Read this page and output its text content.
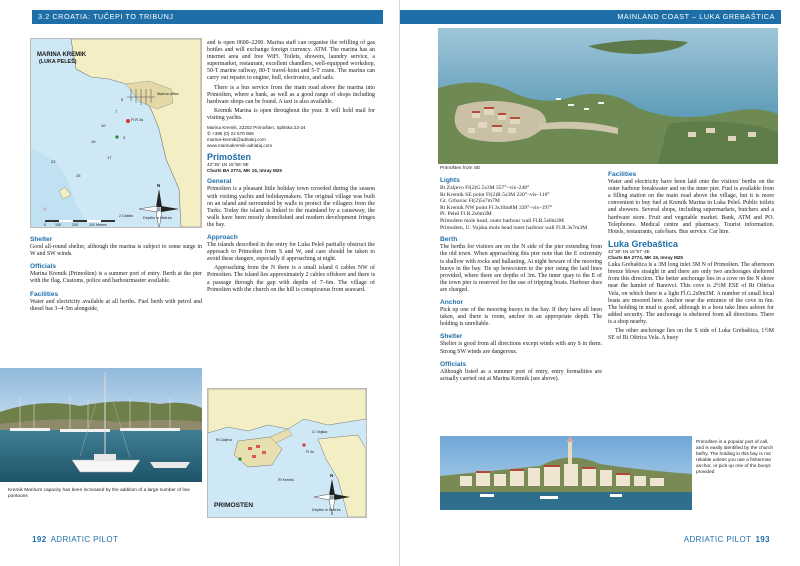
3.2 CROATIA: TUČEPI TO TRIBUNJ
MARINA KREMIK
(LUKA PELEŠ)
Marina office
FI.R.3s
25
23
17
3
15
10
7
5
N
Depths in Metres
2 Cables
0	100	200	300 Metres
Shelter

Good all-round shelter, although the marina is subject to some surge in W and SW winds.

Officials

Marina Kremik (Primošten) is a summer port of entry. Berth at the pier with the flag. Customs, police and harbourmaster available.

Facilities

Water and electricity available at all berths. Fuel berth with petrol and diesel has 3–4·5m alongside,

Kremik Marina's capacity has been increased by the addition of a large number of low pontoons

and is open 0600–2200. Marina staff can organise the refilling of gas bottles and will exchange foreign currency. ATM. The marina has an internet area and free WiFi. Toilets, showers, laundry service, a supermarket, restaurant, excellent chandlers, well-equipped workshop, 50-T marine railway, 80-T travel-hoist and 5-T crane. The marina can carry out repairs to engine, hull, electronics, and sails.

There is a bus service from the main road above the marina into Primošten, where a bank, as well as a good range of shops including hardware shops can be found. A taxi is also available.

Kremik Marina is open throughout the year. It will hold mail for visiting yachts.

Marina Kremik, 22202 Primošten, Splitska 22-24
✆ +385 (0) 22 570 068
marina-kremik@adriatiq.com
www.marinakremik-adriatiq.com
Primošten
43°35'·1N 15°55'·8E
Charts BA 2774, MK 15, Imray M25
General

Primošten is a pleasant little holiday town crowded during the season with visiting yachts and holidaymakers. The original village was built on an island and surrounded by walls to protect the villagers from the Turks. Today the island is linked to the mainland by a causeway, the walls have been mostly demolished and modern development fringes the bay.

Approach

The islands described in the entry for Luka Peleš partially obstruct the approach to Primošten from S and W, and care should be taken to avoid these dangers, especially if approaching at night.

Approaching from the N there is a small island 6 cables NW of Primošten. The island lies approximately 2 cables offshore and there is a passage through the gap with depths of 7–6m. The village of Primošten with the church on the hill is conspicuous from seaward.

PRIMOSTEN
Depths in Metres
N
Rt Zaljevo
U. Vojska
Rt Kremik
FI.3s
192 ADRIATIC PILOT
MAINLAND COAST – LUKA GREBAŠTICA
Primošten from SE
Lights
Rt Zaljevo Fl(2)G.5s3M 357°–vis–248°
Rt Kremik SE point Fl(2)R.5s3M 220°–vis–110°
Gr. Grbavac Fl(2)5s7m7M
Rt Kremik NW point Fl.3s10m8M 339°–vis–197°
Pl. Peleš Fl.R.2s6m3M
Primošten mole head, outer harbour wall Fl.R.5s8m3M
Primošten, U. Vojska mole head inner harbour wall Fl.R.3s7m3M
Berth

The berths for visitors are on the N side of the pier extending from the old town. When approaching this pier note that the E extremity is shallow with rocks and ballasting. At night beware of the mooring buoys in the bay. Tie up bows/stern to the pier using the laid lines provided, where there are depths of 3m. The inner quay to the E of the town pier is reserved for the use of tripping boats. Harbour dues are charged.

Anchor

Pick up one of the mooring buoys in the bay. If they have all been taken, and there is room, anchor in an appropriate depth. The holding is unreliable.

Shelter

Shelter is good from all directions except winds with any S in them. Strong SW winds are dangerous.

Officials

Although listed as a summer port of entry, entry formalities are actually carried out at Marina Kremik (see above).

Facilities

Water and electricity have been laid onto the visitors' berths on the outer harbour breakwater and on the inner pier. Fuel is available from a filling station on the main road above the village, but it is more convenient to buy fuel at Kremik Marina in Luka Peleš. Public toilets and showers. Several shops, including supermarkets, butchers and a hardware store. Fruit and vegetable market. Bank, ATM and PO. Telephones. Medical centre and pharmacy. Tourist information. Hotels, restaurants, cafe/bars. Bus service. Car hire.

Luka Grebaštica
43°38'·1N 15°57'·4E
Charts BA 2774, MK 15, Imray M25

Luka Grebaštica is a 3M long inlet 3M N of Primošten. The afternoon breeze blows straight in and there are only two anchorages sheltered from this direction. The better anchorage lies in a cove on the N shore near the hamlet of Banovci. This cove is 2½M ESE of Rt Oštrica Vela, on which there is a light Fl.G.2s9m3M. A number of small local boats are moored here. Anchor near the entrance of the cove in 6m. The holding in mud is good, although in a bora take lines ashore for added security. The anchorage is sheltered from all directions. There is a shop nearby.

The other anchorage lies on the S side of Luka Grebaštica, 1½M SE of Rt Oštrica Vela. A buoy

Primošten is a popular port of call, and is easily identified by the church belfry. The holding in this bay is not reliable unless you use a fisherman anchor, or pick up one of the buoys provided
ADRIATIC PILOT 193
